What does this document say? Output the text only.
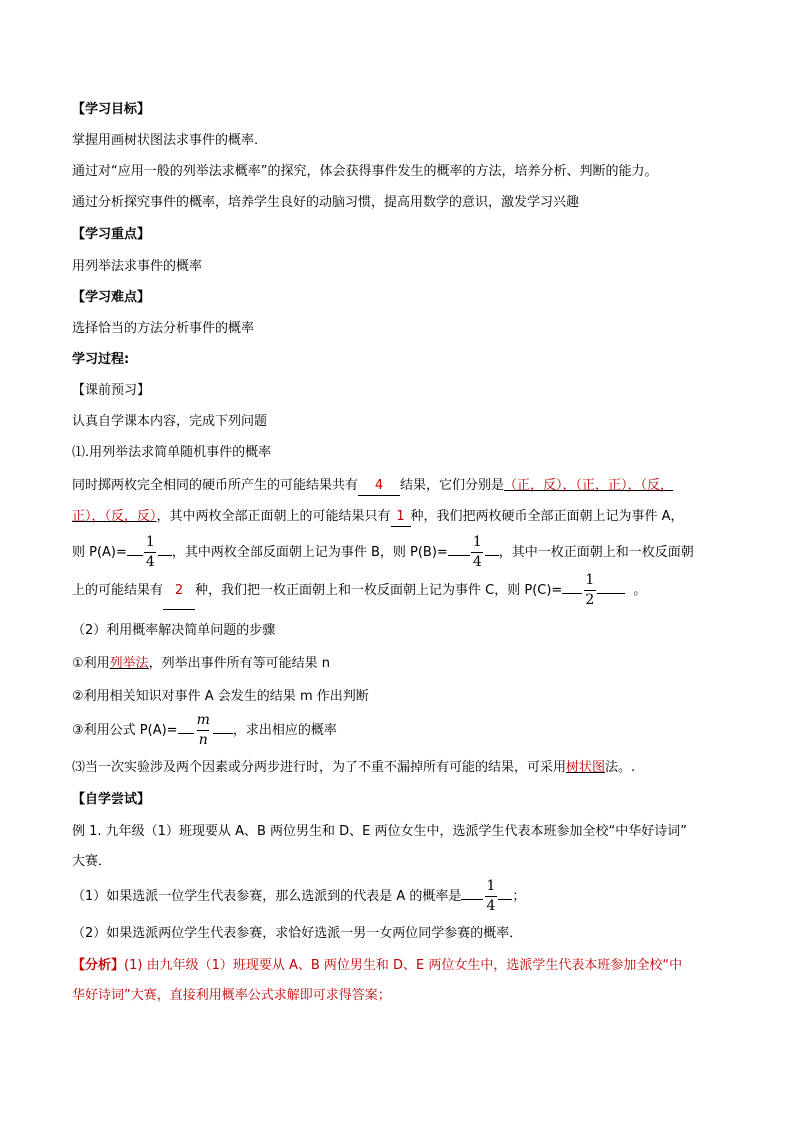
【学习目标】
掌握用画树状图法求事件的概率.
通过对“应用一般的列举法求概率”的探究，体会获得事件发生的概率的方法，培养分析、判断的能力。
通过分析探究事件的概率，培养学生良好的动脑习惯，提高用数学的意识，激发学习兴趣
【学习重点】
用列举法求事件的概率
【学习难点】
选择恰当的方法分析事件的概率
学习过程:
【课前预习】
认真自学课本内容，完成下列问题
⑴.用列举法求简单随机事件的概率
同时掷两枚完全相同的硬币所产生的可能结果共有 4 结果，它们分别是（正，反），（正，正），（反，
正），（反，反），其中两枚全部正面朝上的可能结果只有 1 种，我们把两枚硬币全部正面朝上记为事件 A，
则 $P(A)= \frac{1}{4}$ ，其中两枚全部反面朝上记为事件 B，则 $P(B)= \frac{1}{4}$ ，其中一枚正面朝上和一枚反面朝
上的可能结果有 2 种，我们把一枚正面朝上和一枚反面朝上记为事件 C，则 $P(C)= \frac{1}{2}$	。
（2）利用概率解决简单问题的步骤
①利用列举法，列举出事件所有等可能结果 n
②利用相关知识对事件 A 会发生的结果 m 作出判断
③利用公式 $P(A)= \frac{m}{n}$ ，求出相应的概率
⑶当一次实验涉及两个因素或分两步进行时，为了不重不漏掉所有可能的结果，可采用树状图法。.
【自学尝试】
例 1. 九年级（1）班现要从 A、B 两位男生和 D、E 两位女生中，选派学生代表本班参加全校“中华好诗词”
大赛．
（1）如果选派一位学生代表参赛，那么选派到的代表是 A 的概率是 $\frac{1}{4}$ ；
（2）如果选派两位学生代表参赛，求恰好选派一男一女两位同学参赛的概率．
【分析】(1) 由九年级（1）班现要从 A、B 两位男生和 D、E 两位女生中，选派学生代表本班参加全校“中
华好诗词”大赛，直接利用概率公式求解即可求得答案；
